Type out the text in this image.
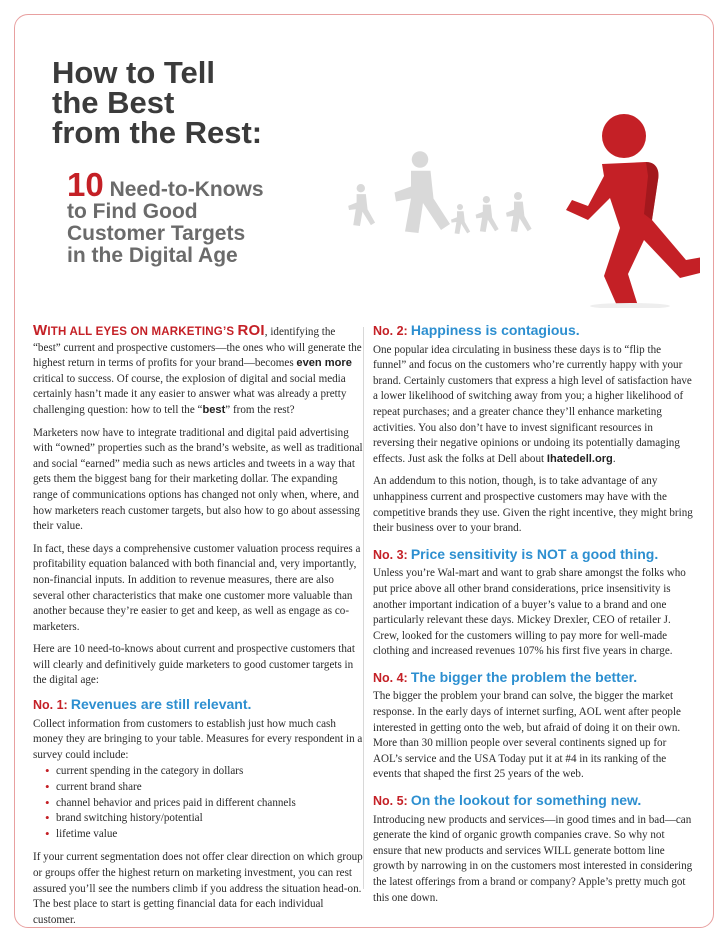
How to Tell
the Best
from the Rest:
10 Need-to-Knows
to Find Good
Customer Targets
in the Digital Age

WITH ALL EYES ON MARKETING’S ROI, identifying the “best” current and prospective customers—the ones who will generate the highest return in terms of profits for your brand—becomes even more critical to success. Of course, the explosion of digital and social media certainly hasn’t made it any easier to answer what was already a pretty challenging question: how to tell the “best” from the rest?

Marketers now have to integrate traditional and digital paid advertising with “owned” properties such as the brand’s website, as well as traditional and social “earned” media such as news articles and tweets in a way that gets them the biggest bang for their marketing dollar. The expanding range of communications options has changed not only when, where, and how marketers reach customer targets, but also how to go about assessing their value.

In fact, these days a comprehensive customer valuation process requires a profitability equation balanced with both financial and, very importantly, non-financial inputs. In addition to revenue measures, there are also several other characteristics that make one customer more valuable than another because they’re easier to get and keep, as well as engage as co-marketers.

Here are 10 need-to-knows about current and prospective customers that will clearly and definitively guide marketers to good customer targets in the digital age:

No. 1: Revenues are still relevant.

Collect information from customers to establish just how much cash money they are bringing to your table. Measures for every respondent in a survey could include:

• current spending in the category in dollars
• current brand share
• channel behavior and prices paid in different channels
• brand switching history/potential
• lifetime value

If your current segmentation does not offer clear direction on which group or groups offer the highest return on marketing investment, you can rest assured you’ll see the numbers climb if you address the situation head-on. The best place to start is getting financial data for each individual customer.

No. 2: Happiness is contagious.

One popular idea circulating in business these days is to “flip the funnel” and focus on the customers who’re currently happy with your brand. Certainly customers that express a high level of satisfaction have a lower likelihood of switching away from you; a higher likelihood of repeat purchases; and a greater chance they’ll enhance marketing activities. You also don’t have to invest significant resources in reversing their negative opinions or undoing its potentially damaging effects. Just ask the folks at Dell about Ihatedell.org.

An addendum to this notion, though, is to take advantage of any unhappiness current and prospective customers may have with the competitive brands they use. Given the right incentive, they might bring their business over to your brand.

No. 3: Price sensitivity is NOT a good thing.

Unless you’re Wal-mart and want to grab share amongst the folks who put price above all other brand considerations, price insensitivity is another important indication of a buyer’s value to a brand and one particularly relevant these days. Mickey Drexler, CEO of retailer J. Crew, looked for the customers willing to pay more for well-made clothing and increased revenues 107% his first five years in charge.

No. 4: The bigger the problem the better.

The bigger the problem your brand can solve, the bigger the market response. In the early days of internet surfing, AOL went after people interested in getting onto the web, but afraid of doing it on their own. More than 30 million people over several continents signed up for AOL’s service and the USA Today put it at #4 in its ranking of the events that shaped the first 25 years of the web.

No. 5: On the lookout for something new.

Introducing new products and services—in good times and in bad—can generate the kind of organic growth companies crave. So why not ensure that new products and services WILL generate bottom line growth by narrowing in on the customers most interested in considering the latest offerings from a brand or company? Apple’s pretty much got this one down.
